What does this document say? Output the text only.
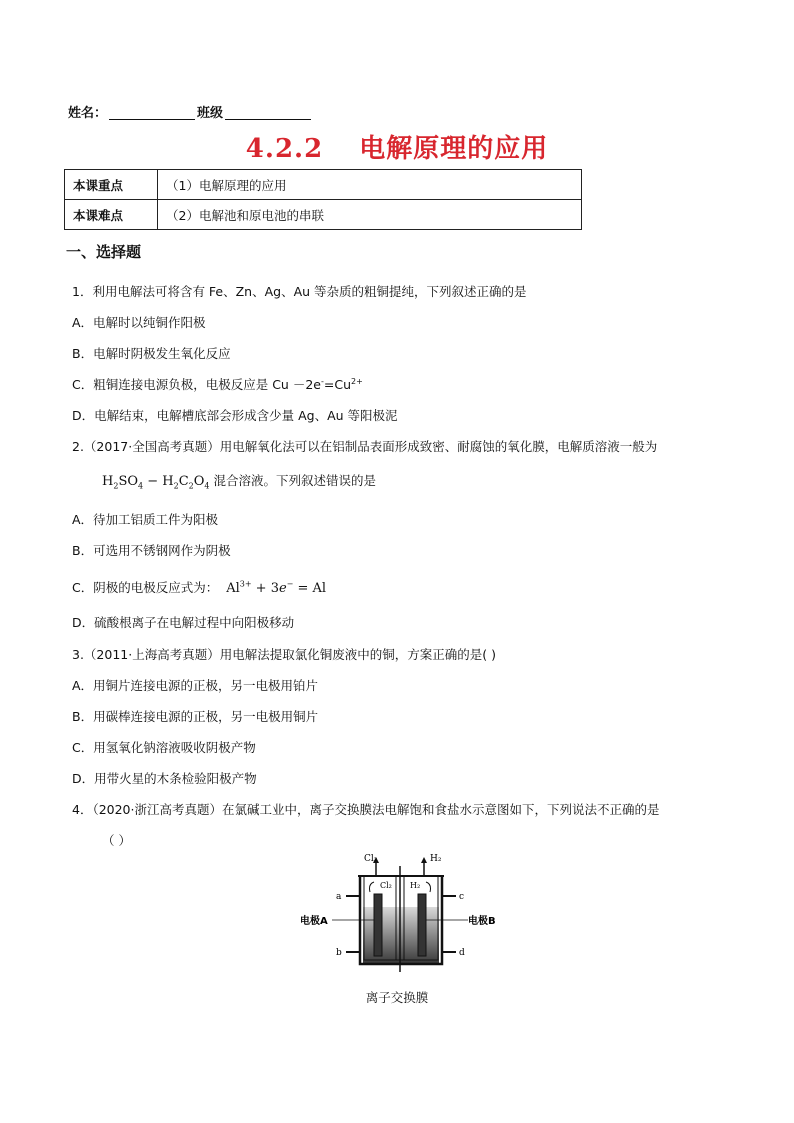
姓名：	班级
4.2.2 电解原理的应用
本课重点	（1）电解原理的应用
本课难点	（2）电解池和原电池的串联
一、选择题
1．利用电解法可将含有 Fe、Zn、Ag、Au 等杂质的粗铜提纯，下列叙述正确的是
A．电解时以纯铜作阳极
B．电解时阴极发生氧化反应
C．粗铜连接电源负极，电极反应是 $Cu -2e^-=Cu^{2+}$
D．电解结束，电解槽底部会形成含少量 Ag、Au 等阳极泥
2.（2017·全国高考真题）用电解氧化法可以在铝制品表面形成致密、耐腐蚀的氧化膜，电解质溶液一般为
$H_2SO_4 - H_2C_2O_4$ 混合溶液。下列叙述错误的是
A．待加工铝质工件为阳极
B．可选用不锈钢网作为阴极
C．阴极的电极反应式为： $Al^{3+} + 3e^- = Al$
D．硫酸根离子在电解过程中向阳极移动
3.（2011·上海高考真题）用电解法提取氯化铜废液中的铜，方案正确的是( )
A．用铜片连接电源的正极，另一电极用铂片
B．用碳棒连接电源的正极，另一电极用铜片
C．用氢氧化钠溶液吸收阴极产物
D．用带火星的木条检验阳极产物
4．（2020·浙江高考真题）在氯碱工业中，离子交换膜法电解饱和食盐水示意图如下，下列说法不正确的是
（ ）
Cl₂	H₂
Cl₂ H₂
a
b
c
d
电极A	电极B
离子交换膜
